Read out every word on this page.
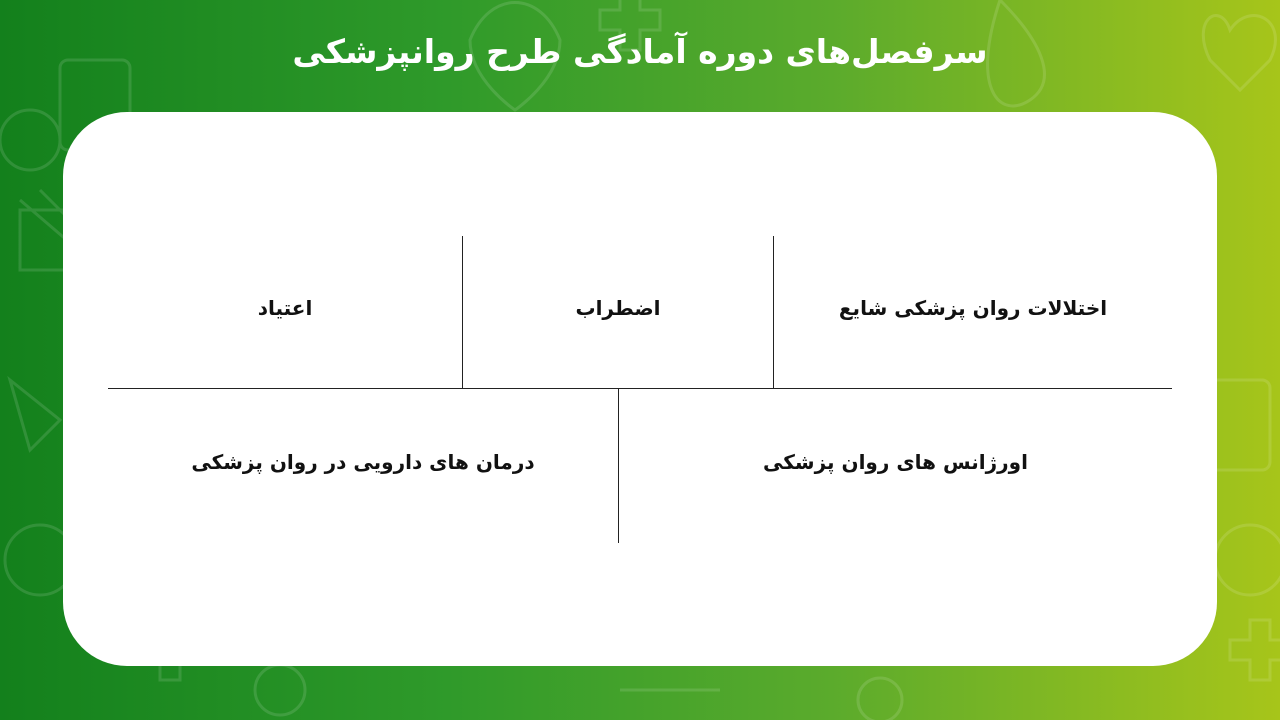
سرفصل‌های دوره آمادگی طرح روانپزشکی
اختلالات روان پزشکی شایع
اضطراب
اعتیاد
اورژانس های روان پزشکی
درمان های دارویی در روان پزشکی
